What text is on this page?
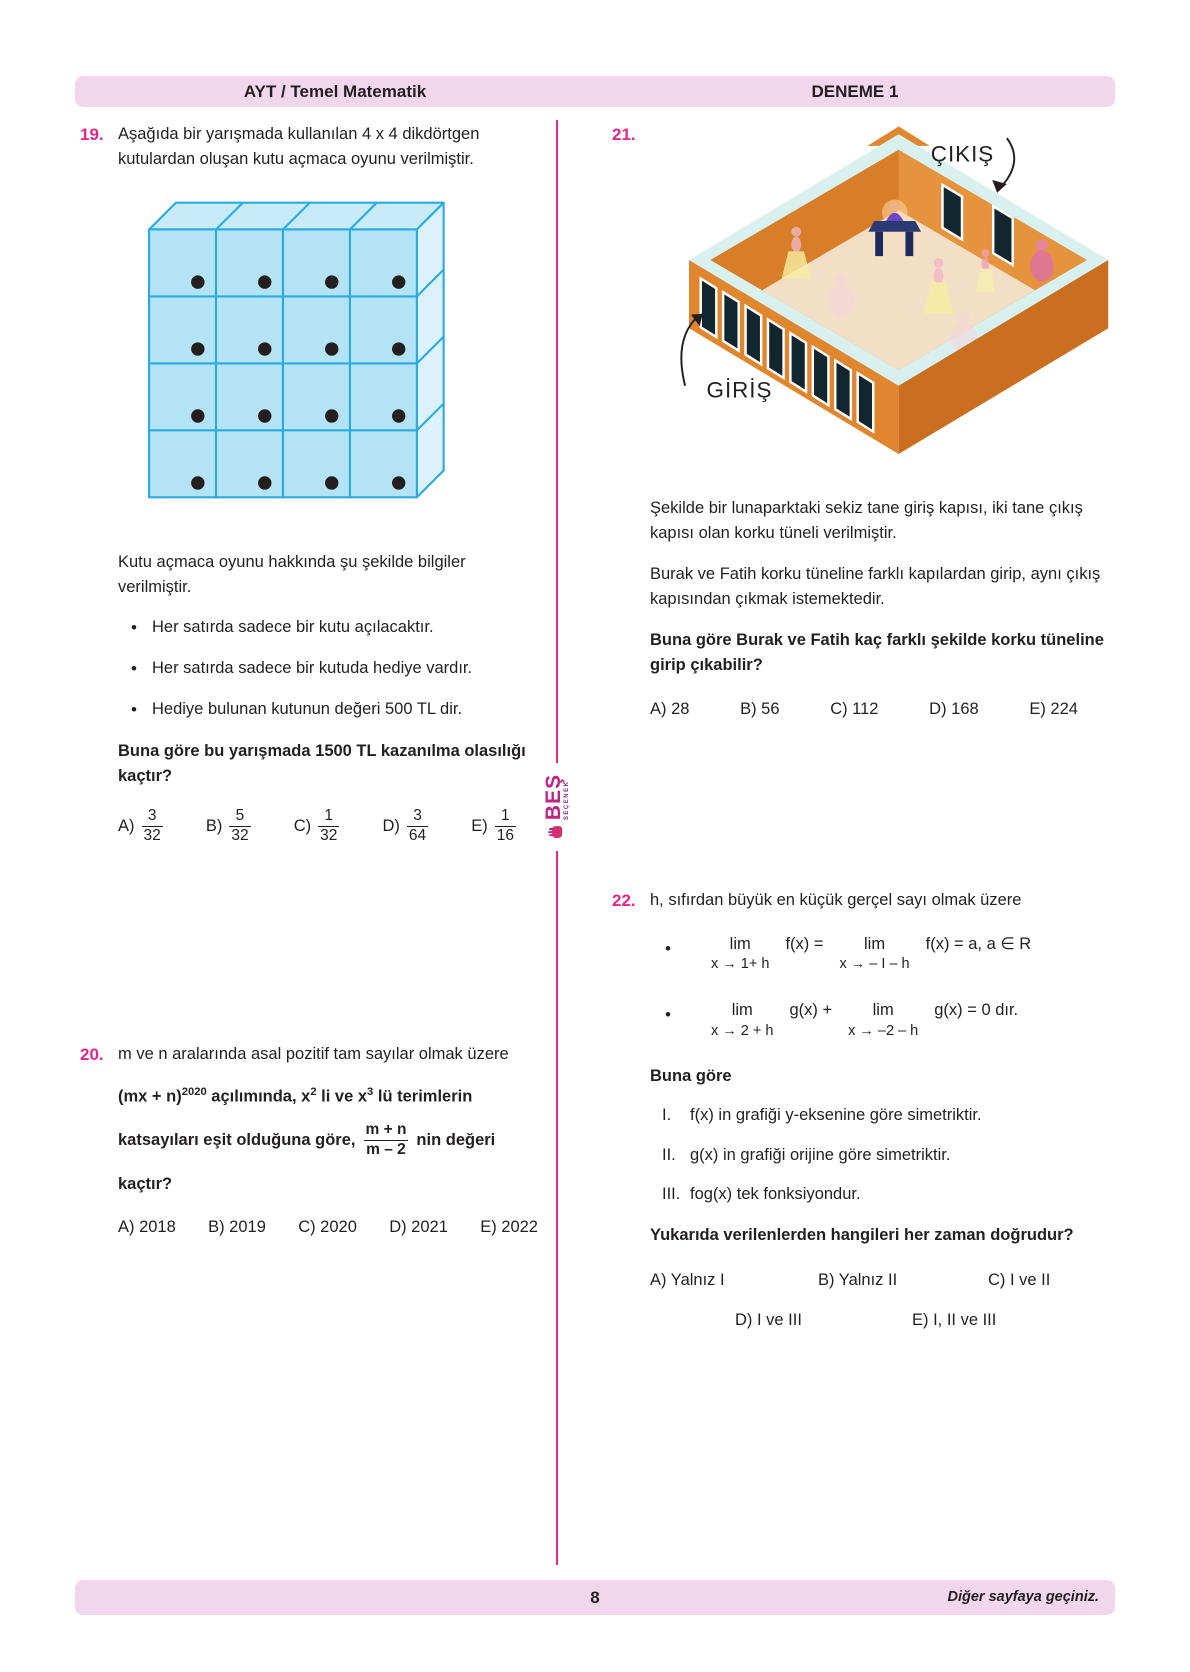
AYT / Temel Matematik	DENEME 1
BEŞ SEÇENEK
19. Aşağıda bir yarışmada kullanılan 4 x 4 dikdörtgen kutulardan oluşan kutu açmaca oyunu verilmiştir.
Kutu açmaca oyunu hakkında şu şekilde bilgiler verilmiştir.
• Her satırda sadece bir kutu açılacaktır.
• Her satırda sadece bir kutuda hediye vardır.
• Hediye bulunan kutunun değeri 500 TL dir.
Buna göre bu yarışmada 1500 TL kazanılma olasılığı kaçtır?
$A) \frac{3}{32}$	$B) \frac{5}{32}$	$C) \frac{1}{32}$	$D) \frac{3}{64}$	$E) \frac{1}{16}$
20. m ve n aralarında asal pozitif tam sayılar olmak üzere
(mx + n)$^{2020}$ açılımında, $x^2$ li ve $x^3$ lü terimlerin
katsayıları eşit olduğuna göre, $\frac{m + n}{m - 2}$ nin değeri
kaçtır?
A) 2018 B) 2019 C) 2020 D) 2021 E) 2022
21.
ÇIKIŞ
GİRİŞ
Şekilde bir lunaparktaki sekiz tane giriş kapısı, iki tane çıkış kapısı olan korku tüneli verilmiştir.
Burak ve Fatih korku tüneline farklı kapılardan girip, aynı çıkış kapısından çıkmak istemektedir.
Buna göre Burak ve Fatih kaç farklı şekilde korku tüneline girip çıkabilir?
A) 28	B) 56	C) 112	D) 168	E) 224
22. h, sıfırdan büyük en küçük gerçel sayı olmak üzere
•	lim
x → 1+ h
f(x) = lim
x → – I – h
f(x) = a, a ∈ R
•	lim
x → 2 + h
g(x) + lim
x → –2 – h
g(x) = 0 dır.
Buna göre
I.	f(x) in grafiği y-eksenine göre simetriktir.
II. g(x) in grafiği orijine göre simetriktir.
III. fog(x) tek fonksiyondur.
Yukarıda verilenlerden hangileri her zaman doğrudur?
A) Yalnız I	B) Yalnız II	C) I ve II
D) I ve III	E) I, II ve III
8	Diğer sayfaya geçiniz.
